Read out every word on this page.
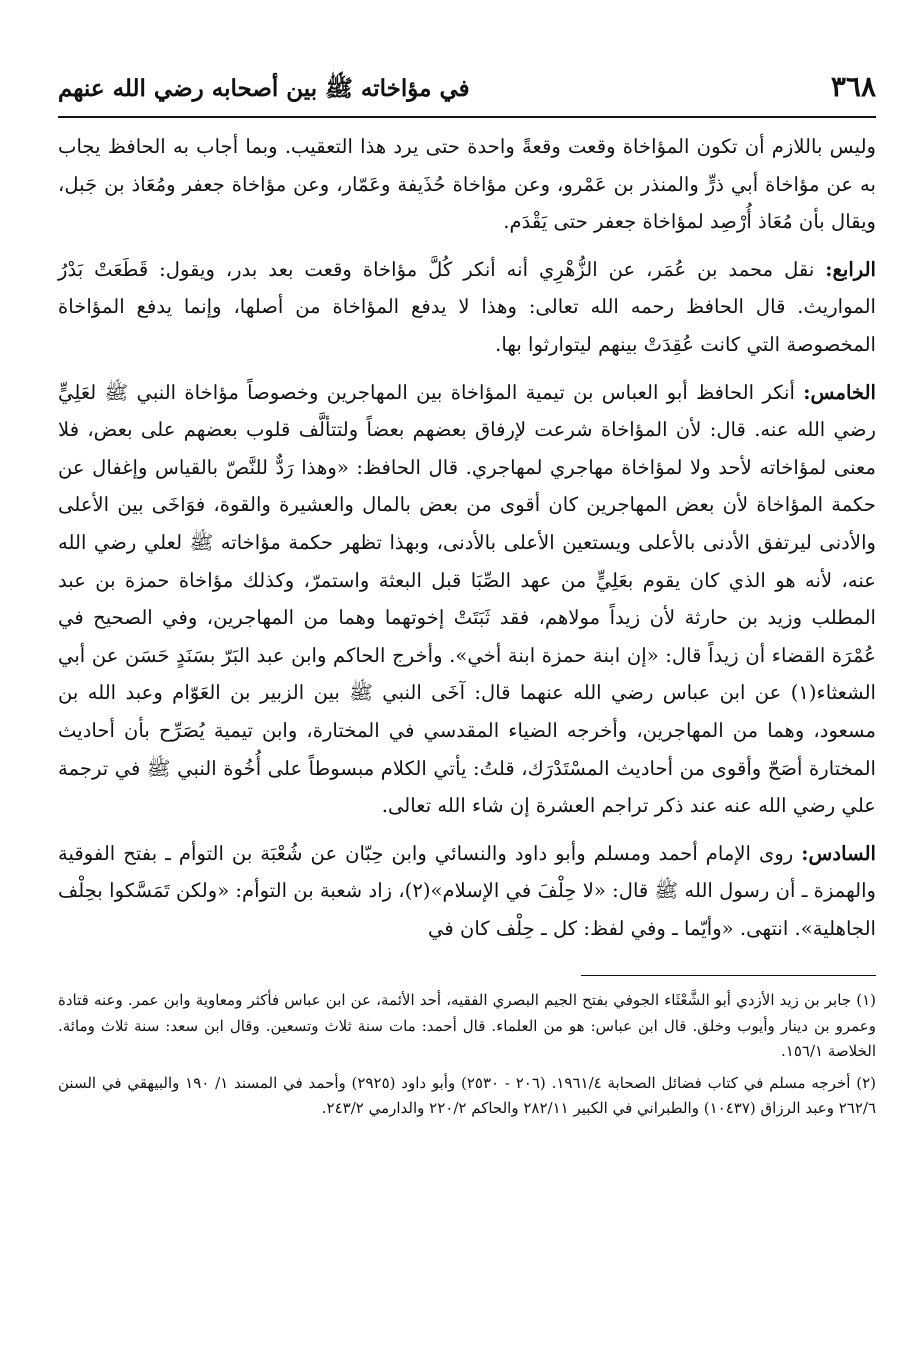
٣٦٨
في مؤاخاته ﷺ بين أصحابه رضي الله عنهم

وليس باللازم أن تكون المؤاخاة وقعت وقعةً واحدة حتى يرد هذا التعقيب. وبما أجاب به الحافظ يجاب به عن مؤاخاة أبي ذرٍّ والمنذر بن عَمْرو، وعن مؤاخاة حُذَيفة وعَمّار، وعن مؤاخاة جعفر ومُعَاذ بن جَبل، ويقال بأن مُعَاذ أُرْصِد لمؤاخاة جعفر حتى يَقْدَم.

الرابع: نقل محمد بن عُمَر، عن الزُّهْرِي أنه أنكر كُلَّ مؤاخاة وقعت بعد بدر، ويقول: قَطَعَتْ بَدْرُ المواريث. قال الحافظ رحمه الله تعالى: وهذا لا يدفع المؤاخاة من أصلها، وإنما يدفع المؤاخاة المخصوصة التي كانت عُقِدَتْ بينهم ليتوارثوا بها.

الخامس: أنكر الحافظ أبو العباس بن تيمية المؤاخاة بين المهاجرين وخصوصاً مؤاخاة النبي ﷺ لعَلِيٍّ رضي الله عنه. قال: لأن المؤاخاة شرعت لإرفاق بعضهم بعضاً ولتتألَّف قلوب بعضهم على بعض، فلا معنى لمؤاخاته لأحد ولا لمؤاخاة مهاجري لمهاجري. قال الحافظ: «وهذا رَدٌّ للنَّصّ بالقياس وإغفال عن حكمة المؤاخاة لأن بعض المهاجرين كان أقوى من بعض بالمال والعشيرة والقوة، فوَاخَى بين الأعلى والأدنى ليرتفق الأدنى بالأعلى ويستعين الأعلى بالأدنى، وبهذا تظهر حكمة مؤاخاته ﷺ لعلي رضي الله عنه، لأنه هو الذي كان يقوم بعَلِيٍّ من عهد الصِّبَا قبل البعثة واستمرّ، وكذلك مؤاخاة حمزة بن عبد المطلب وزيد بن حارثة لأن زيداً مولاهم، فقد ثَبَتَتْ إخوتهما وهما من المهاجرين، وفي الصحيح في عُمْرَة القضاء أن زيداً قال: «إن ابنة حمزة ابنة أخي». وأخرج الحاكم وابن عبد البَرّ بسَنَدٍ حَسَن عن أبي الشعثاء(١) عن ابن عباس رضي الله عنهما قال: آخَى النبي ﷺ بين الزبير بن العَوّام وعبد الله بن مسعود، وهما من المهاجرين، وأخرجه الضياء المقدسي في المختارة، وابن تيمية يُصَرِّح بأن أحاديث المختارة أصَحّ وأقوى من أحاديث المسْتَدْرَك، قلتُ: يأتي الكلام مبسوطاً على أُخُوة النبي ﷺ في ترجمة علي رضي الله عنه عند ذكر تراجم العشرة إن شاء الله تعالى.

السادس: روى الإمام أحمد ومسلم وأبو داود والنسائي وابن حِبّان عن شُعْبَة بن التوأم ـ بفتح الفوقية والهمزة ـ أن رسول الله ﷺ قال: «لا حِلْفَ في الإسلام»(٢)، زاد شعبة بن التوأم: «ولكن تَمَسَّكوا بحِلْف الجاهلية». انتهى. «وأيّما ـ وفي لفظ: كل ـ حِلْف كان في

(١) جابر بن زيد الأزدي أبو الشَّعْثَاء الجوفي بفتح الجيم البصري الفقيه، أحد الأئمة، عن ابن عباس فأكثر ومعاوية وابن عمر. وعنه قتادة وعمرو بن دينار وأيوب وخلق. قال ابن عباس: هو من العلماء. قال أحمد: مات سنة ثلاث وتسعين. وقال ابن سعد: سنة ثلاث ومائة. الخلاصة ١٥٦/١.

(٢) أخرجه مسلم في كتاب فضائل الصحابة ١٩٦١/٤. (٢٠٦ - ٢٥٣٠) وأبو داود (٢٩٢٥) وأحمد في المسند ١/ ١٩٠ والبيهقي في السنن ٢٦٢/٦ وعبد الرزاق (١٠٤٣٧) والطبراني في الكبير ٢٨٢/١١ والحاكم ٢٢٠/٢ والدارمي ٢٤٣/٢.
